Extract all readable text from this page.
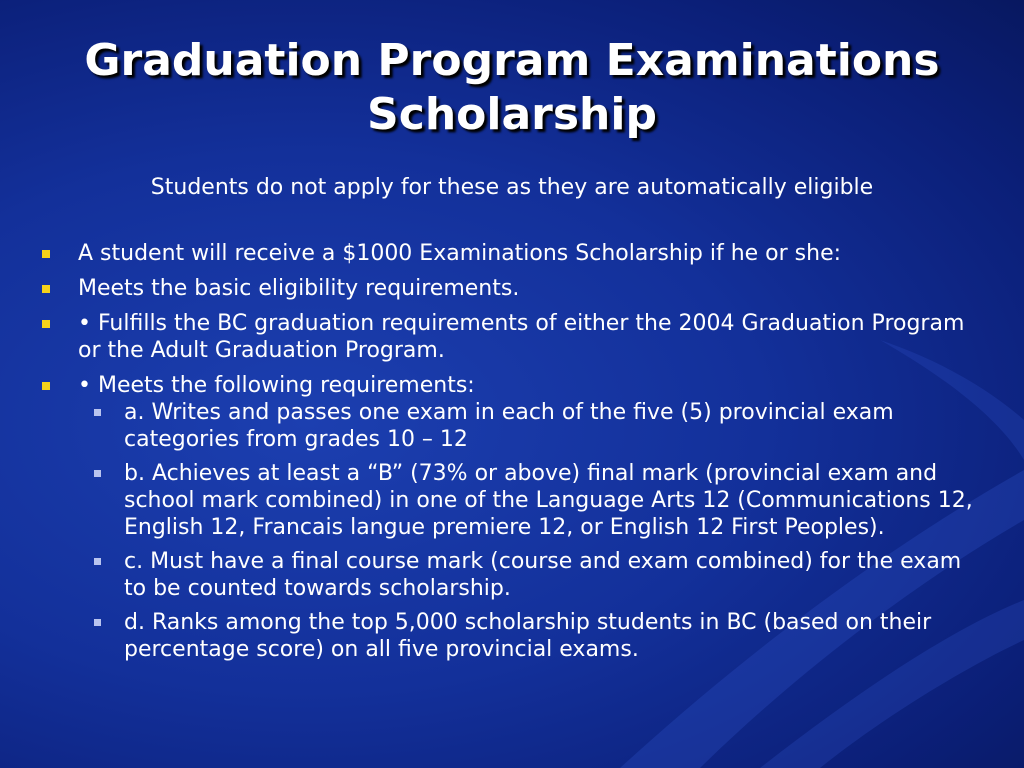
Graduation Program Examinations
Scholarship
Students do not apply for these as they are automatically eligible
A student will receive a $1000 Examinations Scholarship if he or she:
Meets the basic eligibility requirements.
• Fulfills the BC graduation requirements of either the 2004 Graduation Program or the Adult Graduation Program.
• Meets the following requirements:
a. Writes and passes one exam in each of the five (5) provincial exam categories from grades 10 – 12
b. Achieves at least a “B” (73% or above) final mark (provincial exam and school mark combined) in one of the Language Arts 12 (Communications 12, English 12, Francais langue premiere 12, or English 12 First Peoples).
c. Must have a final course mark (course and exam combined) for the exam to be counted towards scholarship.
d. Ranks among the top 5,000 scholarship students in BC (based on their percentage score) on all five provincial exams.
